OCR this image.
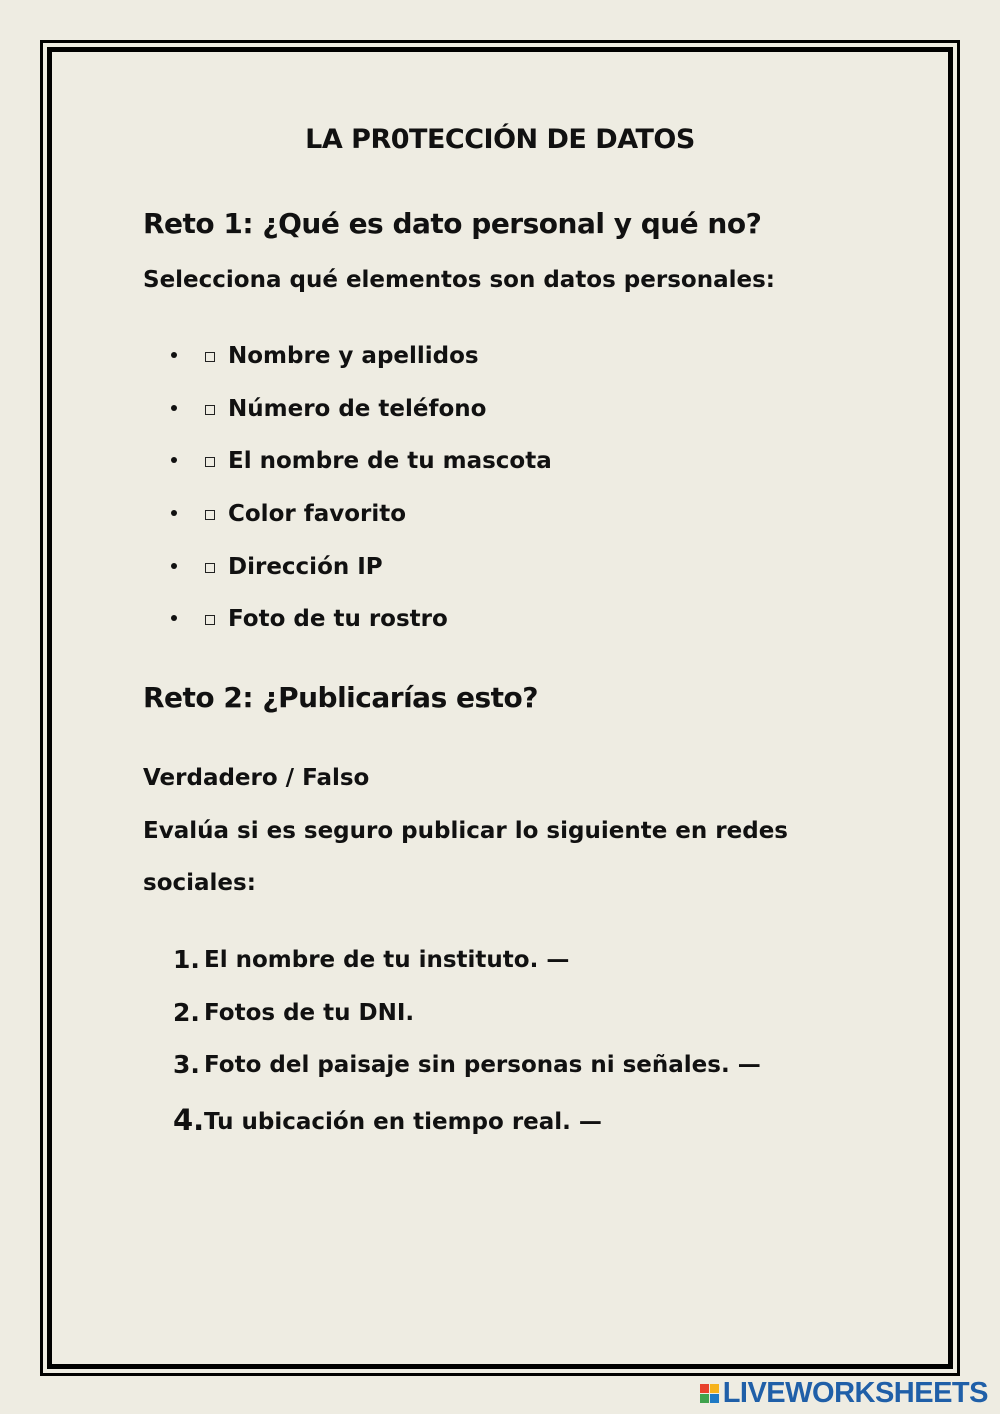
LA PR0TECCIÓN DE DATOS
Reto 1: ¿Qué es dato personal y qué no?

Selecciona qué elementos son datos personales:

Nombre y apellidos
Número de teléfono
El nombre de tu mascota
Color favorito
Dirección IP
Foto de tu rostro
Reto 2: ¿Publicarías esto?

Verdadero / Falso

Evalúa si es seguro publicar lo siguiente en redes

sociales:

1. El nombre de tu instituto. —
2. Fotos de tu DNI.
3. Foto del paisaje sin personas ni señales. —
4. Tu ubicación en tiempo real. —
LIVEWORKSHEETS
